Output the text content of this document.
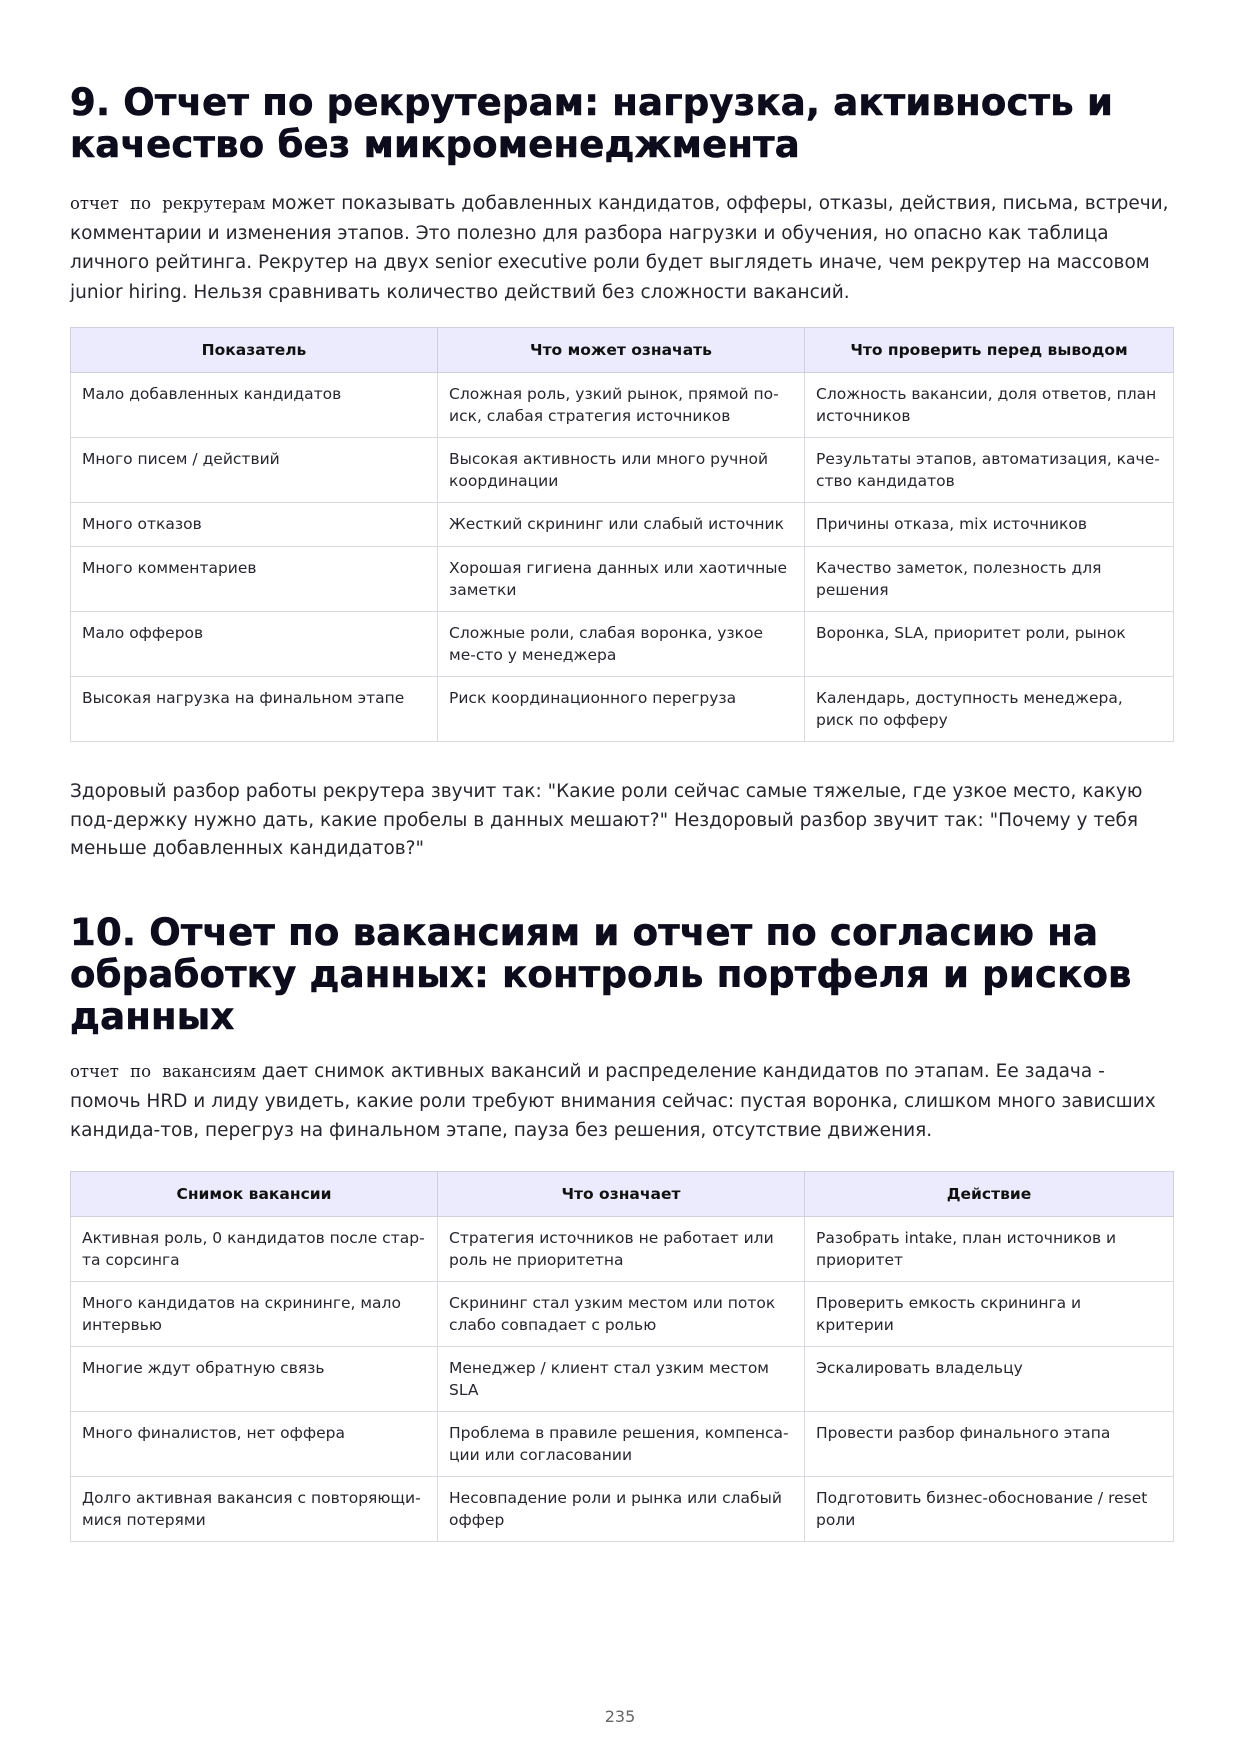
9. Отчет по рекрутерам: нагрузка, активность и качество без микроменеджмента

отчет по рекрутерам может показывать добавленных кандидатов, офферы, отказы, действия, письма, встречи, комментарии и изменения этапов. Это полезно для разбора нагрузки и обучения, но опасно как таблица личного рейтинга. Рекрутер на двух senior executive роли будет выглядеть иначе, чем рекрутер на массовом junior hiring. Нельзя сравнивать количество действий без сложности вакансий.

Показатель	Что может означать	Что проверить перед выводом
Мало добавленных кандидатов	Сложная роль, узкий рынок, прямой по-иск, слабая стратегия источников	Сложность вакансии, доля ответов, план источников
Много писем / действий	Высокая активность или много ручной координации	Результаты этапов, автоматизация, каче-ство кандидатов
Много отказов	Жесткий скрининг или слабый источник	Причины отказа, mix источников
Много комментариев	Хорошая гигиена данных или хаотичные заметки	Качество заметок, полезность для решения
Мало офферов	Сложные роли, слабая воронка, узкое ме-сто у менеджера	Воронка, SLA, приоритет роли, рынок
Высокая нагрузка на финальном этапе	Риск координационного перегруза	Календарь, доступность менеджера, риск по офферу

Здоровый разбор работы рекрутера звучит так: "Какие роли сейчас самые тяжелые, где узкое место, какую под-держку нужно дать, какие пробелы в данных мешают?" Нездоровый разбор звучит так: "Почему у тебя меньше добавленных кандидатов?"

10. Отчет по вакансиям и отчет по согласию на обработку данных: контроль портфеля и рисков данных

отчет по вакансиям дает снимок активных вакансий и распределение кандидатов по этапам. Ее задача - помочь HRD и лиду увидеть, какие роли требуют внимания сейчас: пустая воронка, слишком много зависших кандида-тов, перегруз на финальном этапе, пауза без решения, отсутствие движения.

Снимок вакансии	Что означает	Действие
Активная роль, 0 кандидатов после стар-та сорсинга	Стратегия источников не работает или роль не приоритетна	Разобрать intake, план источников и приоритет
Много кандидатов на скрининге, мало интервью	Скрининг стал узким местом или поток слабо совпадает с ролью	Проверить емкость скрининга и критерии
Многие ждут обратную связь	Менеджер / клиент стал узким местом SLA	Эскалировать владельцу
Много финалистов, нет оффера	Проблема в правиле решения, компенса-ции или согласовании	Провести разбор финального этапа
Долго активная вакансия с повторяющи-мися потерями	Несовпадение роли и рынка или слабый оффер	Подготовить бизнес-обоснование / reset роли
235
